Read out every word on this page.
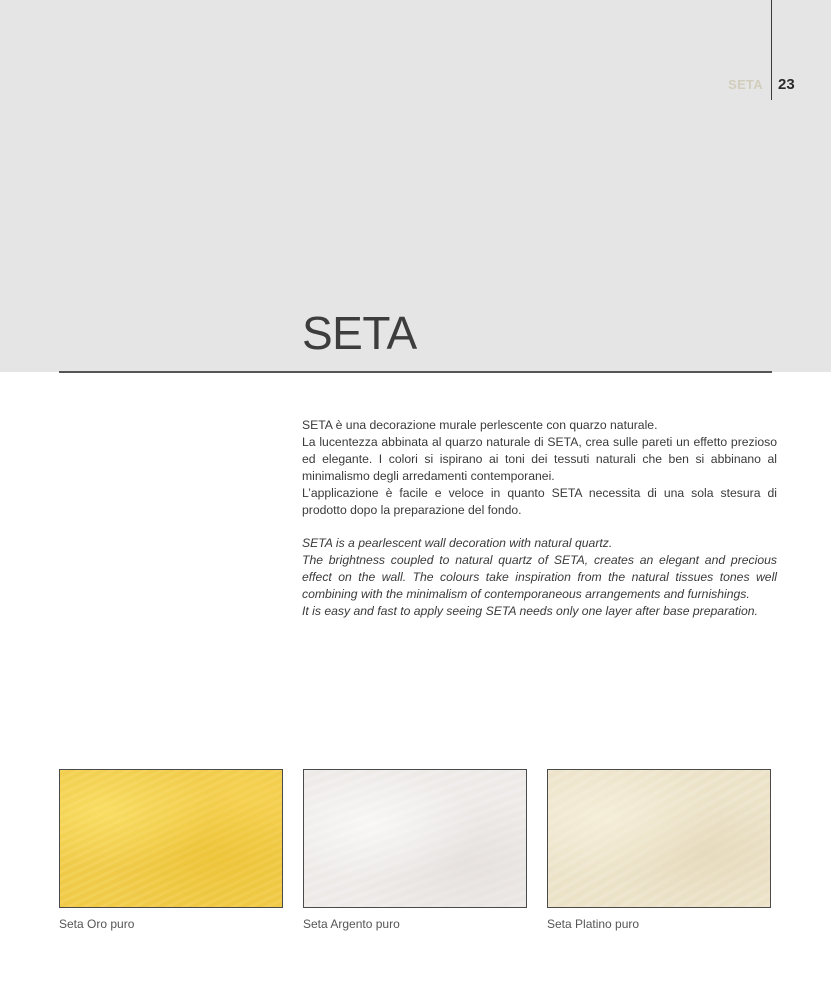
SETA 23
SETA

SETA è una decorazione murale perlescente con quarzo naturale.

La lucentezza abbinata al quarzo naturale di SETA, crea sulle pareti un effetto prezioso ed elegante. I colori si ispirano ai toni dei tessuti naturali che ben si abbinano al minimalismo degli arredamenti contemporanei.

L’applicazione è facile e veloce in quanto SETA necessita di una sola stesura di prodotto dopo la preparazione del fondo.

SETA is a pearlescent wall decoration with natural quartz.

The brightness coupled to natural quartz of SETA, creates an elegant and precious effect on the wall. The colours take inspiration from the natural tissues tones well combining with the minimalism of contemporaneous arrangements and furnishings.

It is easy and fast to apply seeing SETA needs only one layer after base preparation.

Seta Oro puro	Seta Argento puro	Seta Platino puro
